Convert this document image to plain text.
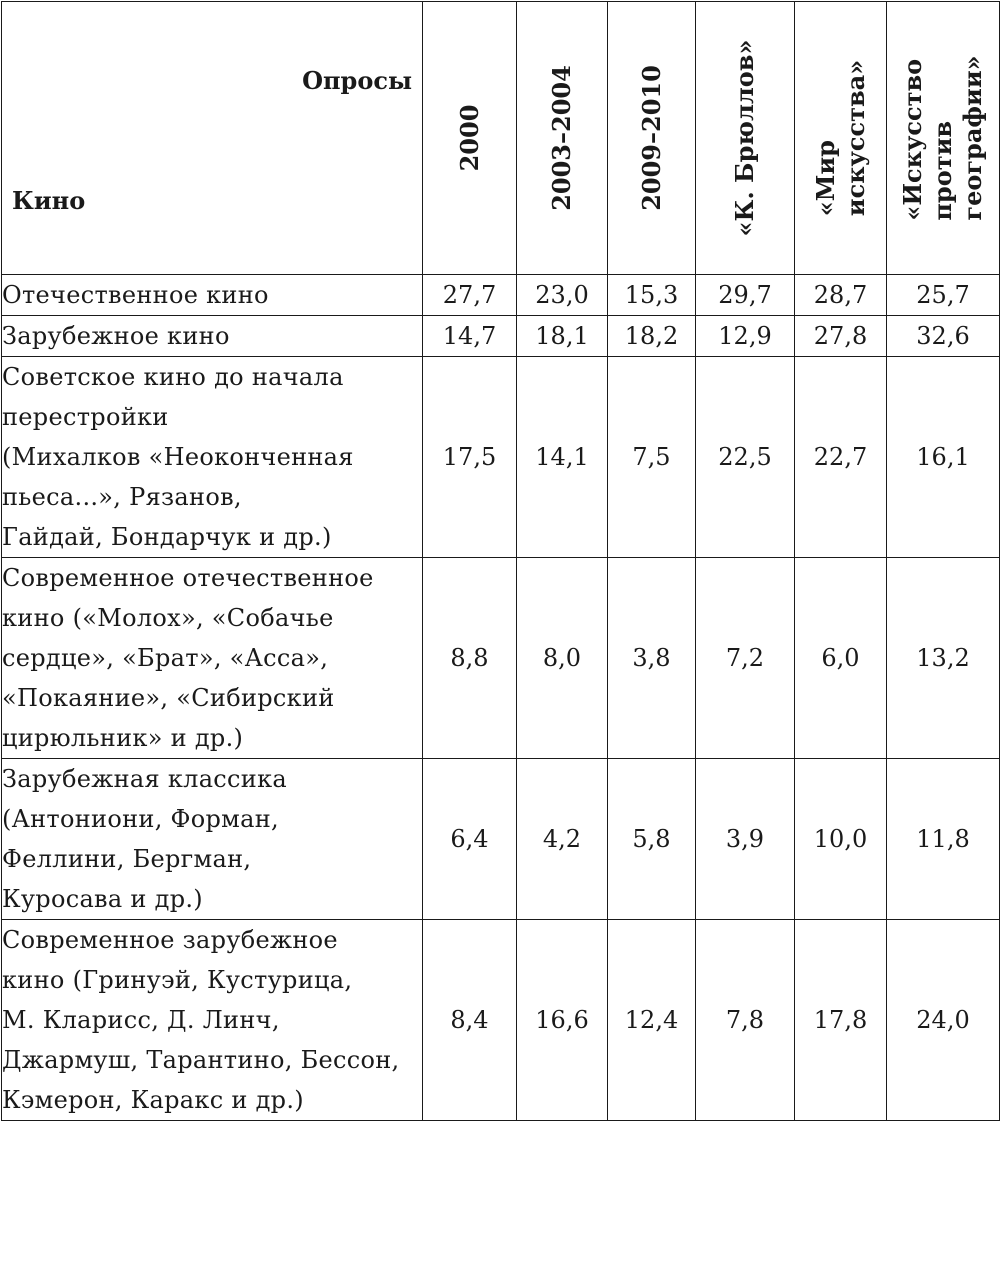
Опросы
Кино	2000	2003–2004	2009–2010	«К. Брюллов»	«Мир искусства»	«Искусство против географии»

Отечественное кино	27,7	23,0	15,3	29,7	28,7	25,7

Зарубежное кино	14,7	18,1	18,2	12,9	27,8	32,6

Советское кино до начала
перестройки
(Михалков «Неоконченная
пьеса...», Рязанов,
Гайдай, Бондарчук и др.)	17,5	14,1	7,5	22,5	22,7	16,1

Современное отечественное
кино («Молох», «Собачье
сердце», «Брат», «Асса»,
«Покаяние», «Сибирский
цирюльник» и др.)	8,8	8,0	3,8	7,2	6,0	13,2

Зарубежная классика
(Антониони, Форман,
Феллини, Бергман,
Куросава и др.)	6,4	4,2	5,8	3,9	10,0	11,8

Современное зарубежное
кино (Гринуэй, Кустурица,
М. Кларисс, Д. Линч,
Джармуш, Тарантино, Бессон,
Кэмерон, Каракс и др.)	8,4	16,6	12,4	7,8	17,8	24,0
